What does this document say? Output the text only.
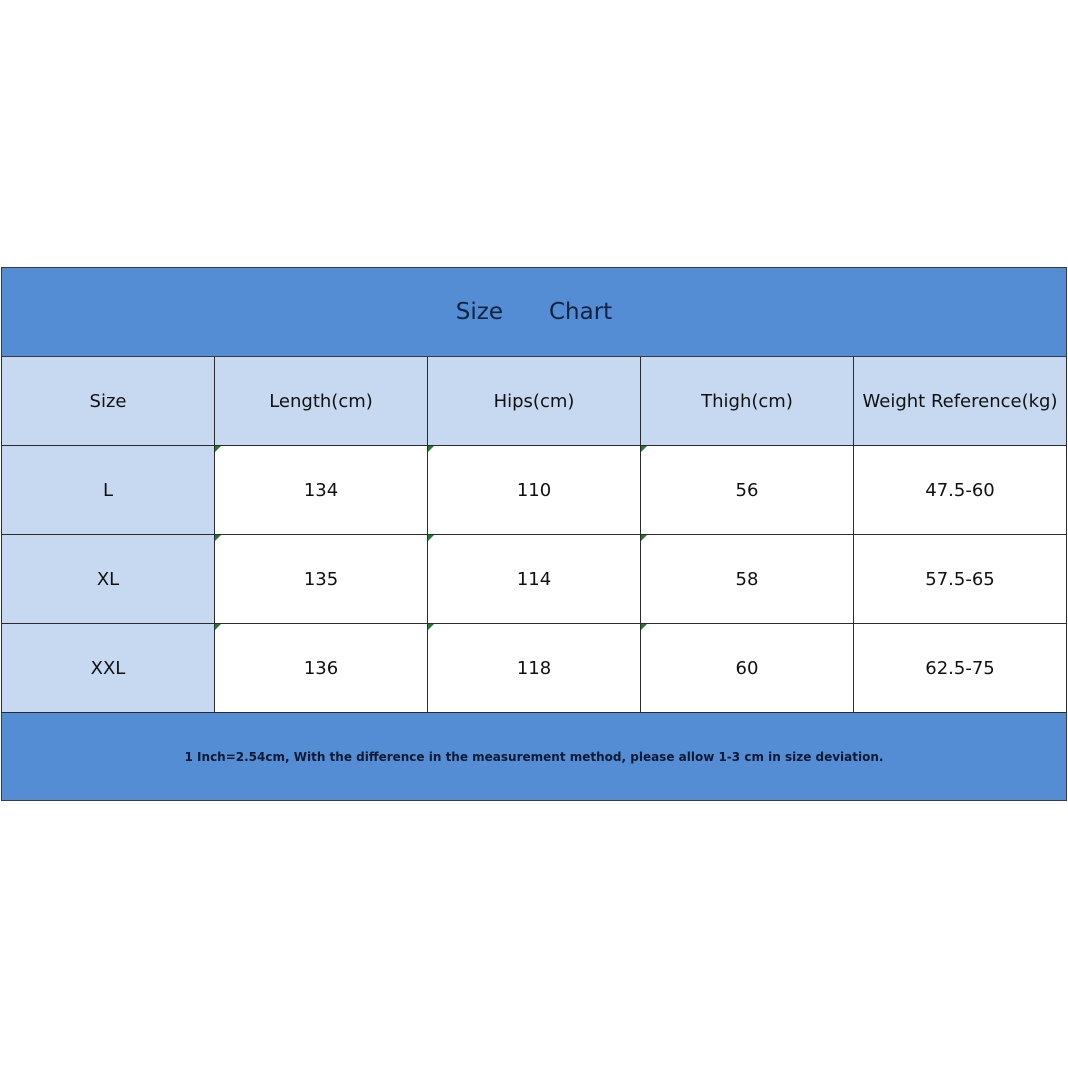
Size Chart				
Size	Length(cm)	Hips(cm)	Thigh(cm)	Weight Reference(kg)
L	134	110	56	47.5-60
XL	135	114	58	57.5-65
XXL	136	118	60	62.5-75
1 Inch=2.54cm, With the difference in the measurement method, please allow 1-3 cm in size deviation.				
